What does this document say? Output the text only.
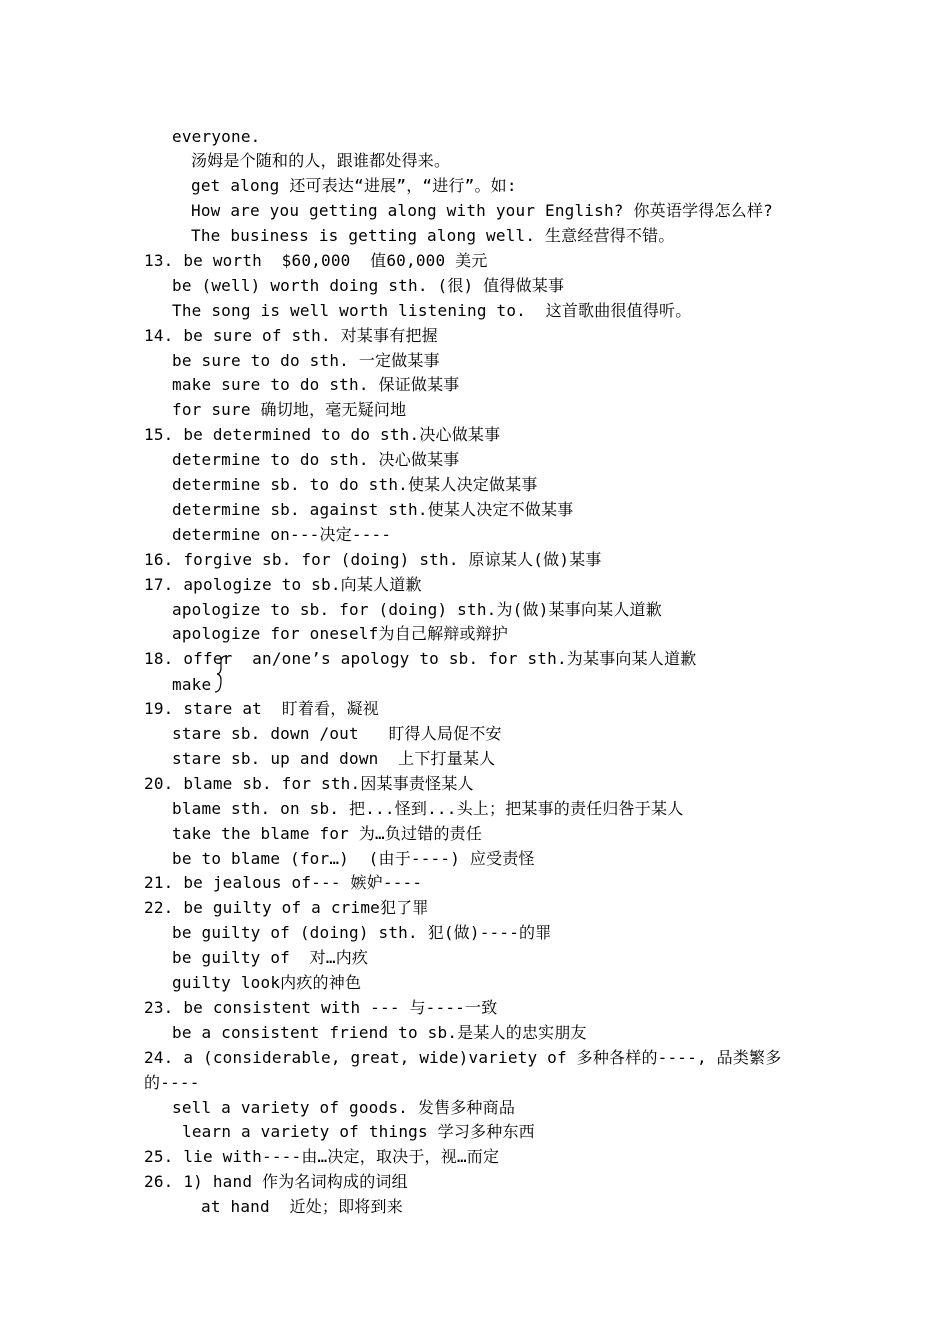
everyone.
汤姆是个随和的人，跟谁都处得来。
get along 还可表达“进展”，“进行”。如:
How are you getting along with your English? 你英语学得怎么样?
The business is getting along well. 生意经营得不错。
13. be worth  $60,000  值60,000 美元
be (well) worth doing sth. (很) 值得做某事
The song is well worth listening to.  这首歌曲很值得听。
14. be sure of sth. 对某事有把握
be sure to do sth. 一定做某事
make sure to do sth. 保证做某事
for sure 确切地，毫无疑问地
15. be determined to do sth.决心做某事
determine to do sth. 决心做某事
determine sb. to do sth.使某人决定做某事
determine sb. against sth.使某人决定不做某事
determine on---决定----
16. forgive sb. for (doing) sth. 原谅某人(做)某事
17. apologize to sb.向某人道歉
apologize to sb. for (doing) sth.为(做)某事向某人道歉
apologize for oneself为自己解辩或辩护
18. offer  an/one’s apology to sb. for sth.为某事向某人道歉
make
19. stare at  盯着看，凝视
stare sb. down /out   盯得人局促不安
stare sb. up and down  上下打量某人
20. blame sb. for sth.因某事责怪某人
blame sth. on sb. 把...怪到...头上；把某事的责任归咎于某人
take the blame for 为…负过错的责任
be to blame (for…)  (由于----) 应受责怪
21. be jealous of--- 嫉妒----
22. be guilty of a crime犯了罪
be guilty of (doing) sth. 犯(做)----的罪
be guilty of  对…内疚
guilty look内疚的神色
23. be consistent with --- 与----一致
be a consistent friend to sb.是某人的忠实朋友
24. a (considerable, great, wide)variety of 多种各样的----, 品类繁多
的----
sell a variety of goods. 发售多种商品
learn a variety of things 学习多种东西
25. lie with----由…决定，取决于，视…而定
26. 1) hand 作为名词构成的词组
at hand  近处；即将到来
